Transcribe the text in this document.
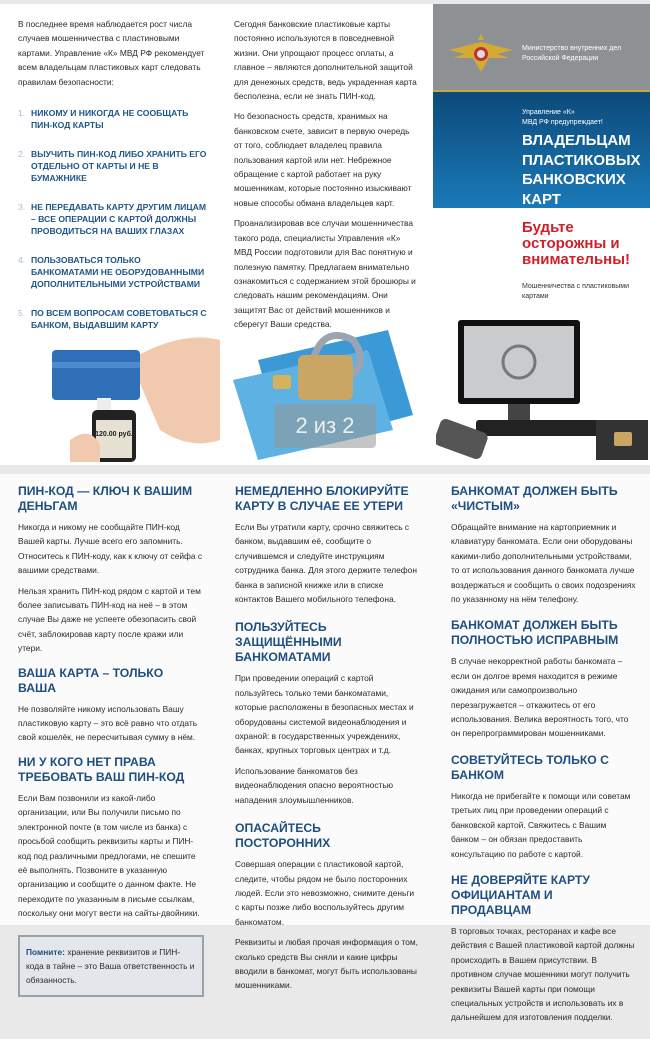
В последнее время наблюдается рост числа случаев мошенничества с пластиновыми картами. Управление «К» МВД РФ рекомендует всем владельцам пластиковых карт следовать правилам безопасности:

1. НИКОМУ И НИКОГДА НЕ СООБЩАТЬ ПИН-КОД КАРТЫ
2. ВЫУЧИТЬ ПИН-КОД ЛИБО ХРАНИТЬ ЕГО ОТДЕЛЬНО ОТ КАРТЫ И НЕ В БУМАЖНИКЕ
3. НЕ ПЕРЕДАВАТЬ КАРТУ ДРУГИМ ЛИЦАМ – ВСЕ ОПЕРАЦИИ С КАРТОЙ ДОЛЖНЫ ПРОВОДИТЬСЯ НА ВАШИХ ГЛАЗАХ
4. ПОЛЬЗОВАТЬСЯ ТОЛЬКО БАНКОМАТАМИ НЕ ОБОРУДОВАННЫМИ ДОПОЛНИТЕЛЬНЫМИ УСТРОЙСТВАМИ
5. ПО ВСЕМ ВОПРОСАМ СОВЕТОВАТЬСЯ С БАНКОМ, ВЫДАВШИМ КАРТУ

Сегодня банковские пластиковые карты постоянно используются в повседневной жизни. Они упрощают процесс оплаты, а главное – являются дополнительной защитой для денежных средств, ведь украденная карта бесполезна, если не знать ПИН-код.

Но безопасность средств, хранимых на банковском счете, зависит в первую очередь от того, соблюдает владелец правила пользования картой или нет. Небрежное обращение с картой работает на руку мошенникам, которые постоянно изыскивают новые способы обмана владельцев карт.

Проанализировав все случаи мошенничества такого рода, специалисты Управления «К» МВД России подготовили для Вас понятную и полезную памятку. Предлагаем внимательно ознакомиться с содержанием этой брошюры и следовать нашим рекомендациям. Они защитят Вас от действий мошенников и сберегут Ваши средства.

Министерство внутренних дел Российской Федерации
Управление «К»
МВД РФ предупреждает!
ВЛАДЕЛЬЦАМ ПЛАСТИКОВЫХ БАНКОВСКИХ КАРТ
Будьте осторожны и внимательны!
Мошенничества с пластиковыми картами
120.00 руб.
ПИН-КОД — КЛЮЧ К ВАШИМ ДЕНЬГАМ

Никогда и никому не сообщайте ПИН-код Вашей карты. Лучше всего его запомнить. Относитесь к ПИН-коду, как к ключу от сейфа с вашими средствами.

Нельзя хранить ПИН-код рядом с картой и тем более записывать ПИН-код на неё – в этом случае Вы даже не успеете обезопасить свой счёт, заблокировав карту после кражи или утери.

ВАША КАРТА – ТОЛЬКО ВАША

Не позволяйте никому использовать Вашу пластиковую карту – это всё равно что отдать свой кошелёк, не пересчитывая сумму в нём.

НИ У КОГО НЕТ ПРАВА ТРЕБОВАТЬ ВАШ ПИН-КОД

Если Вам позвонили из какой-либо организации, или Вы получили письмо по электронной почте (в том числе из банка) с просьбой сообщить реквизиты карты и ПИН-код под различными предлогами, не спешите её выполнять. Позвоните в указанную организацию и сообщите о данном факте. Не переходите по указанным в письме ссылкам, поскольку они могут вести на сайты-двойники.

Помните: хранение реквизитов и ПИН-кода в тайне – это Ваша ответственность и обязанность.
НЕМЕДЛЕННО БЛОКИРУЙТЕ КАРТУ В СЛУЧАЕ ЕЕ УТЕРИ

Если Вы утратили карту, срочно свяжитесь с банком, выдавшим её, сообщите о случившемся и следуйте инструкциям сотрудника банка. Для этого держите телефон банка в записной книжке или в списке контактов Вашего мобильного телефона.

ПОЛЬЗУЙТЕСЬ ЗАЩИЩЁННЫМИ БАНКОМАТАМИ

При проведении операций с картой пользуйтесь только теми банкоматами, которые расположены в безопасных местах и оборудованы системой видеонаблюдения и охраной: в государственных учреждениях, банках, крупных торговых центрах и т.д.

Использование банкоматов без видеонаблюдения опасно вероятностью нападения злоумышленников.

ОПАСАЙТЕСЬ ПОСТОРОННИХ

Совершая операции с пластиковой картой, следите, чтобы рядом не было посторонних людей. Если это невозможно, снимите деньги с карты позже либо воспользуйтесь другим банкоматом.

Реквизиты и любая прочая информация о том, сколько средств Вы сняли и какие цифры вводили в банкомат, могут быть использованы мошенниками.

БАНКОМАТ ДОЛЖЕН БЫТЬ «ЧИСТЫМ»

Обращайте внимание на картоприемник и клавиатуру банкомата. Если они оборудованы какими-либо дополнительными устройствами, то от использования данного банкомата лучше воздержаться и сообщить о своих подозрениях по указанному на нём телефону.

БАНКОМАТ ДОЛЖЕН БЫТЬ ПОЛНОСТЬЮ ИСПРАВНЫМ

В случае некорректной работы банкомата – если он долгое время находится в режиме ожидания или самопроизвольно перезагружается – откажитесь от его использования. Велика вероятность того, что он перепрограммирован мошенниками.

СОВЕТУЙТЕСЬ ТОЛЬКО С БАНКОМ

Никогда не прибегайте к помощи или советам третьих лиц при проведении операций с банковской картой. Свяжитесь с Вашим банком – он обязан предоставить консультацию по работе с картой.

НЕ ДОВЕРЯЙТЕ КАРТУ ОФИЦИАНТАМ И ПРОДАВЦАМ

В торговых точках, ресторанах и кафе все действия с Вашей пластиковой картой должны происходить в Вашем присутствии. В противном случае мошенники могут получить реквизиты Вашей карты при помощи специальных устройств и использовать их в дальнейшем для изготовления подделки.

2 из 2
